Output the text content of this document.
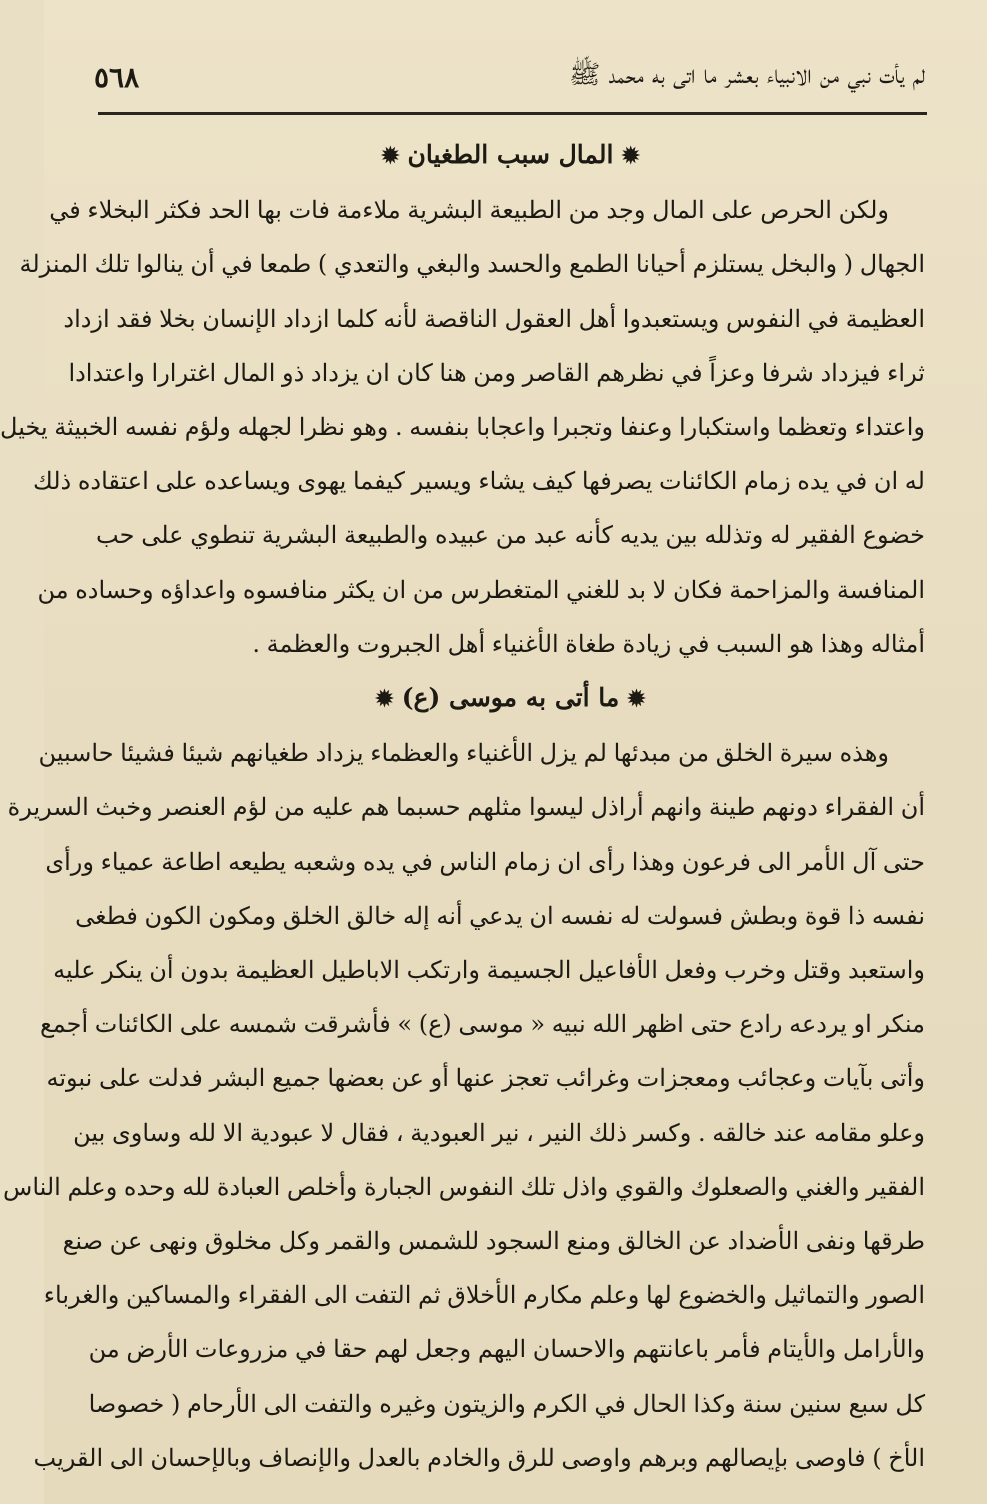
لم يأت نبي من الانبياء بعشر ما اتى به محمد ﷺ
٥٦٨
✹المال سبب الطغيان✹
ولكن الحرص على المال وجد من الطبيعة البشرية ملاءمة فات بها الحد فكثر البخلاء في
الجهال ( والبخل يستلزم أحيانا الطمع والحسد والبغي والتعدي ) طمعا في أن ينالوا تلك المنزلة
العظيمة في النفوس ويستعبدوا أهل العقول الناقصة لأنه كلما ازداد الإنسان بخلا فقد ازداد
ثراء فيزداد شرفا وعزاً في نظرهم القاصر ومن هنا كان ان يزداد ذو المال اغترارا واعتدادا
واعتداء وتعظما واستكبارا وعنفا وتجبرا واعجابا بنفسه . وهو نظرا لجهله ولؤم نفسه الخبيثة يخيل
له ان في يده زمام الكائنات يصرفها كيف يشاء ويسير كيفما يهوى ويساعده على اعتقاده ذلك
خضوع الفقير له وتذلله بين يديه كأنه عبد من عبيده والطبيعة البشرية تنطوي على حب
المنافسة والمزاحمة فكان لا بد للغني المتغطرس من ان يكثر منافسوه واعداؤه وحساده من
أمثاله وهذا هو السبب في زيادة طغاة الأغنياء أهل الجبروت والعظمة .
✹ما أتى به موسى (ع)✹
وهذه سيرة الخلق من مبدئها لم يزل الأغنياء والعظماء يزداد طغيانهم شيئا فشيئا حاسبين
أن الفقراء دونهم طينة وانهم أراذل ليسوا مثلهم حسبما هم عليه من لؤم العنصر وخبث السريرة
حتى آل الأمر الى فرعون وهذا رأى ان زمام الناس في يده وشعبه يطيعه اطاعة عمياء ورأى
نفسه ذا قوة وبطش فسولت له نفسه ان يدعي أنه إله خالق الخلق ومكون الكون فطغى
واستعبد وقتل وخرب وفعل الأفاعيل الجسيمة وارتكب الاباطيل العظيمة بدون أن ينكر عليه
منكر او يردعه رادع حتى اظهر الله نبيه « موسى (ع) » فأشرقت شمسه على الكائنات أجمع
وأتى بآيات وعجائب ومعجزات وغرائب تعجز عنها أو عن بعضها جميع البشر فدلت على نبوته
وعلو مقامه عند خالقه . وكسر ذلك النير ، نير العبودية ، فقال لا عبودية الا لله وساوى بين
الفقير والغني والصعلوك والقوي واذل تلك النفوس الجبارة وأخلص العبادة لله وحده وعلم الناس
طرقها ونفى الأضداد عن الخالق ومنع السجود للشمس والقمر وكل مخلوق ونهى عن صنع
الصور والتماثيل والخضوع لها وعلم مكارم الأخلاق ثم التفت الى الفقراء والمساكين والغرباء
والأرامل والأيتام فأمر باعانتهم والاحسان اليهم وجعل لهم حقا في مزروعات الأرض من
كل سبع سنين سنة وكذا الحال في الكرم والزيتون وغيره والتفت الى الأرحام ( خصوصا
الأخ ) فاوصى بإيصالهم وبرهم واوصى للرق والخادم بالعدل والإنصاف وبالإحسان الى القريب
